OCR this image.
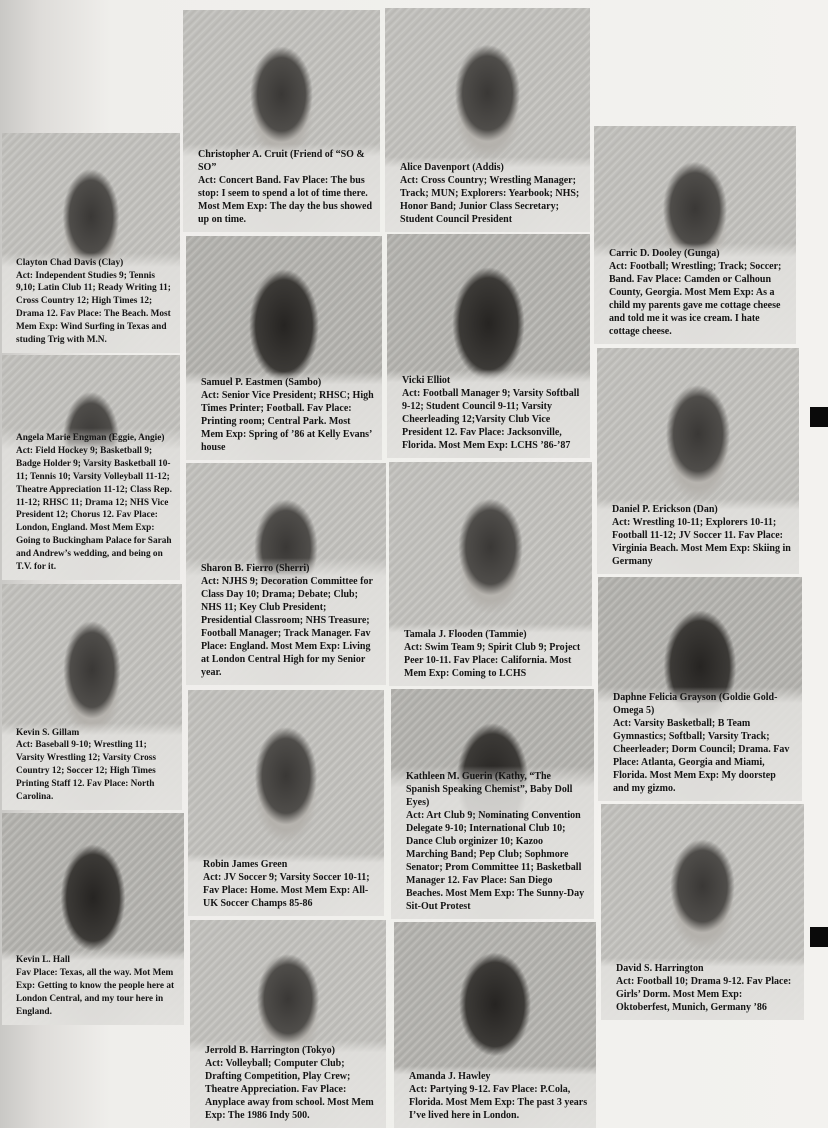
Christopher A. Cruit (Friend of “SO & SO”
Act: Concert Band. Fav Place: The bus stop: I seem to spend a lot of time there. Most Mem Exp: The day the bus showed up on time.
Alice Davenport (Addis)
Act: Cross Country; Wrestling Manager; Track; MUN; Explorers: Yearbook; NHS; Honor Band; Junior Class Secretary; Student Council President
Clayton Chad Davis (Clay)
Act: Independent Studies 9; Tennis 9,10; Latin Club 11; Ready Writing 11; Cross Country 12; High Times 12; Drama 12. Fav Place: The Beach. Most Mem Exp: Wind Surfing in Texas and studing Trig with M.N.
Angela Marie Engman (Eggie, Angie)
Act: Field Hockey 9; Basketball 9; Badge Holder 9; Varsity Basketball 10-11; Tennis 10; Varsity Volleyball 11-12; Theatre Appreciation 11-12; Class Rep. 11-12; RHSC 11; Drama 12; NHS Vice President 12; Chorus 12. Fav Place: London, England. Most Mem Exp: Going to Buckingham Palace for Sarah and Andrew’s wedding, and being on T.V. for it.
Kevin S. Gillam
Act: Baseball 9-10; Wrestling 11; Varsity Wrestling 12; Varsity Cross Country 12; Soccer 12; High Times Printing Staff 12. Fav Place: North Carolina.
Kevin L. Hall
Fav Place: Texas, all the way. Mot Mem Exp: Getting to know the people here at London Central, and my tour here in England.
Samuel P. Eastmen (Sambo)
Act: Senior Vice President; RHSC; High Times Printer; Football. Fav Place: Printing room; Central Park. Most Mem Exp: Spring of ’86 at Kelly Evans’ house
Sharon B. Fierro (Sherri)
Act: NJHS 9; Decoration Committee for Class Day 10; Drama; Debate; Club; NHS 11; Key Club President; Presidential Classroom; NHS Treasure; Football Manager; Track Manager. Fav Place: England. Most Mem Exp: Living at London Central High for my Senior year.
Robin James Green
Act: JV Soccer 9; Varsity Soccer 10-11; Fav Place: Home. Most Mem Exp: All-UK Soccer Champs 85-86
Jerrold B. Harrington (Tokyo)
Act: Volleyball; Computer Club; Drafting Competition, Play Crew; Theatre Appreciation. Fav Place: Anyplace away from school. Most Mem Exp: The 1986 Indy 500.
Vicki Elliot
Act: Football Manager 9; Varsity Softball 9-12; Student Council 9-11; Varsity Cheerleading 12;Varsity Club Vice President 12. Fav Place: Jacksonville, Florida. Most Mem Exp: LCHS ’86-’87
Tamala J. Flooden (Tammie)
Act: Swim Team 9; Spirit Club 9; Project Peer 10-11. Fav Place: California. Most Mem Exp: Coming to LCHS
Kathleen M. Guerin (Kathy, “The Spanish Speaking Chemist”, Baby Doll Eyes)
Act: Art Club 9; Nominating Convention Delegate 9-10; International Club 10; Dance Club orginizer 10; Kazoo Marching Band; Pep Club; Sophmore Senator; Prom Committee 11; Basketball Manager 12. Fav Place: San Diego Beaches. Most Mem Exp: The Sunny-Day Sit-Out Protest
Amanda J. Hawley
Act: Partying 9-12. Fav Place: P.Cola, Florida. Most Mem Exp: The past 3 years I’ve lived here in London.
Carric D. Dooley (Gunga)
Act: Football; Wrestling; Track; Soccer; Band. Fav Place: Camden or Calhoun County, Georgia. Most Mem Exp: As a child my parents gave me cottage cheese and told me it was ice cream. I hate cottage cheese.
Daniel P. Erickson (Dan)
Act: Wrestling 10-11; Explorers 10-11; Football 11-12; JV Soccer 11. Fav Place: Virginia Beach. Most Mem Exp: Skiing in Germany
Daphne Felicia Grayson (Goldie Gold- Omega 5)
Act: Varsity Basketball; B Team Gymnastics; Softball; Varsity Track; Cheerleader; Dorm Council; Drama. Fav Place: Atlanta, Georgia and Miami, Florida. Most Mem Exp: My doorstep and my gizmo.
David S. Harrington
Act: Football 10; Drama 9-12. Fav Place: Girls’ Dorm. Most Mem Exp: Oktoberfest, Munich, Germany ’86
